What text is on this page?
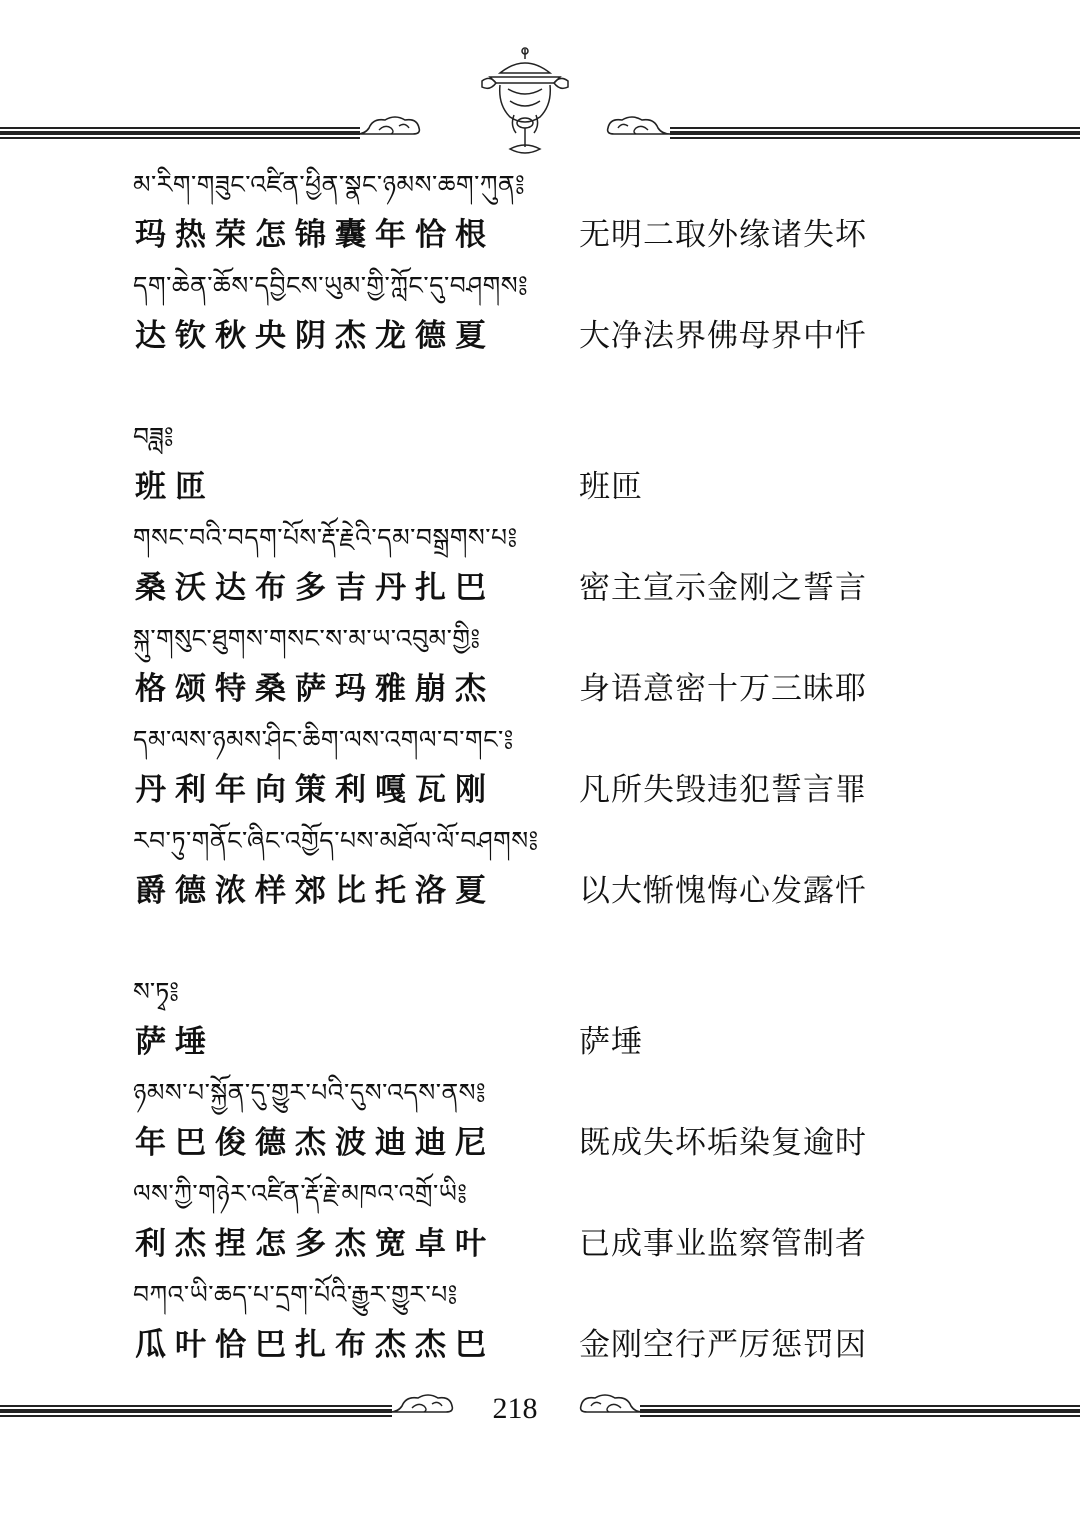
མ་རིག་གཟུང་འཛིན་ཕྱིན་སྣང་ཉམས་ཆག་ཀུན༔
玛热荣怎锦囊年恰根	无明二取外缘诸失坏
དག་ཆེན་ཆོས་དབྱིངས་ཡུམ་གྱི་ཀློང་དུ་བཤགས༔
达钦秋央阴杰龙德夏	大净法界佛母界中忏
བཟླ༔
班匝	班匝
གསང་བའི་བདག་པོས་རྡོ་རྗེའི་དམ་བསྒྲགས་པ༔
桑沃达布多吉丹扎巴	密主宣示金刚之誓言
སྐུ་གསུང་ཐུགས་གསང་ས་མ་ཡ་འབུམ་གྱི༔
格颂特桑萨玛雅崩杰	身语意密十万三昧耶
དམ་ལས་ཉམས་ཤིང་ཆིག་ལས་འགལ་བ་གང་༔
丹利年向策利嘎瓦刚	凡所失毁违犯誓言罪
རབ་ཏུ་གནོང་ཞིང་འགྱོད་པས་མཐོལ་ལོ་བཤགས༔
爵德浓样郊比托洛夏	以大惭愧悔心发露忏
ས་ཏྭ༔
萨埵	萨埵
ཉམས་པ་སྐྱོན་དུ་གྱུར་པའི་དུས་འདས་ནས༔
年巴俊德杰波迪迪尼	既成失坏垢染复逾时
ལས་ཀྱི་གཉེར་འཛིན་རྡོ་རྗེ་མཁའ་འགྲོ་ཡི༔
利杰捏怎多杰宽卓叶	已成事业监察管制者
བཀའ་ཡི་ཆད་པ་དྲག་པོའི་རྒྱུར་གྱུར་པ༔
瓜叶恰巴扎布杰杰巴	金刚空行严厉惩罚因
218
